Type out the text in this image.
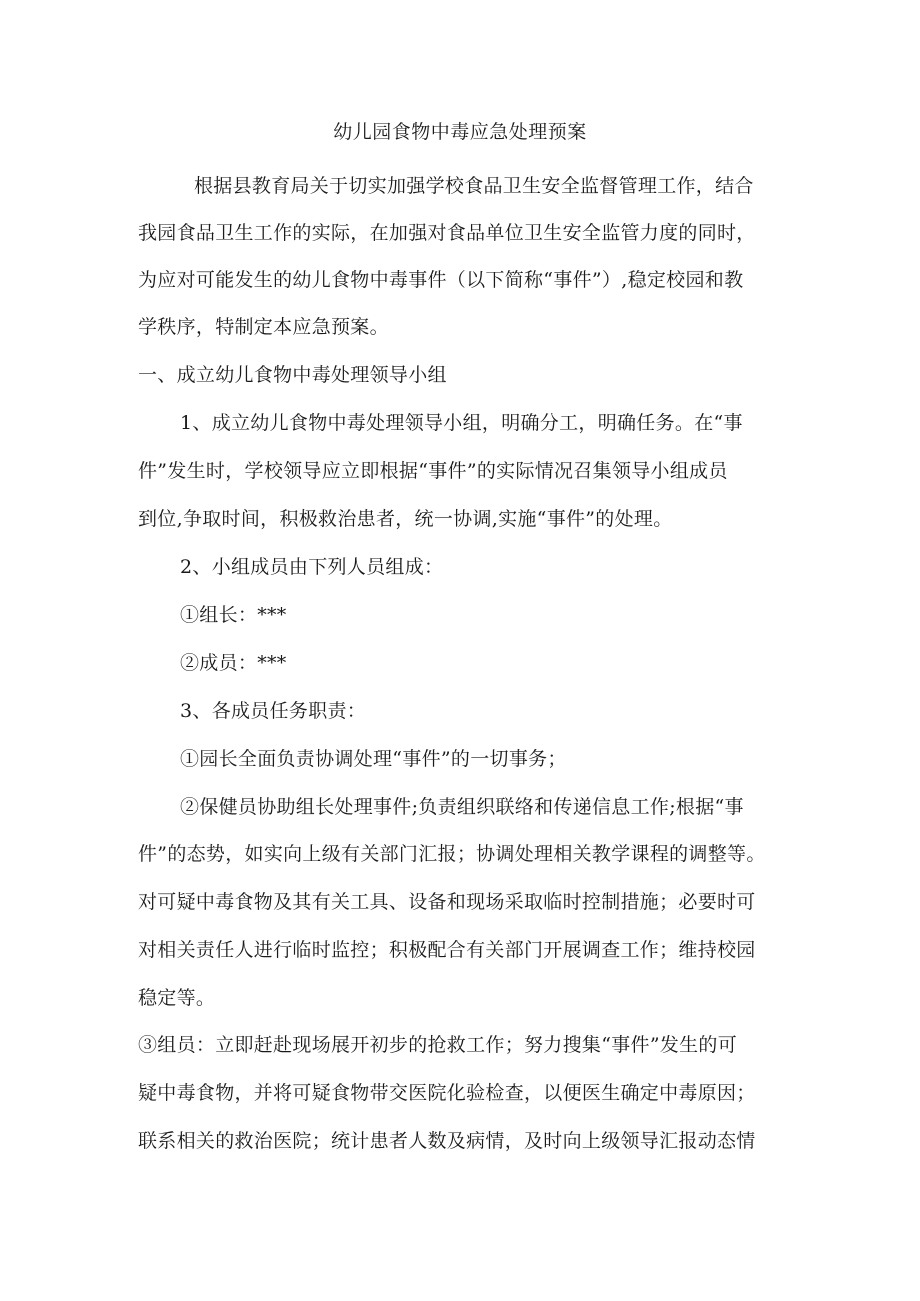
幼儿园食物中毒应急处理预案
根据县教育局关于切实加强学校食品卫生安全监督管理工作，结合
我园食品卫生工作的实际，在加强对食品单位卫生安全监管力度的同时，
为应对可能发生的幼儿食物中毒事件（以下简称“事件”）,稳定校园和教
学秩序，特制定本应急预案。
一、成立幼儿食物中毒处理领导小组
1、成立幼儿食物中毒处理领导小组，明确分工，明确任务。在“事
件”发生时，学校领导应立即根据“事件”的实际情况召集领导小组成员
到位,争取时间，积极救治患者，统一协调,实施“事件”的处理。
2、小组成员由下列人员组成：
①组长：***
②成员：***
3、各成员任务职责：
①园长全面负责协调处理“事件”的一切事务；
②保健员协助组长处理事件;负责组织联络和传递信息工作;根据“事
件”的态势，如实向上级有关部门汇报；协调处理相关教学课程的调整等。
对可疑中毒食物及其有关工具、设备和现场采取临时控制措施；必要时可
对相关责任人进行临时监控；积极配合有关部门开展调查工作；维持校园
稳定等。
③组员：立即赶赴现场展开初步的抢救工作；努力搜集“事件”发生的可
疑中毒食物，并将可疑食物带交医院化验检查，以便医生确定中毒原因；
联系相关的救治医院；统计患者人数及病情，及时向上级领导汇报动态情
